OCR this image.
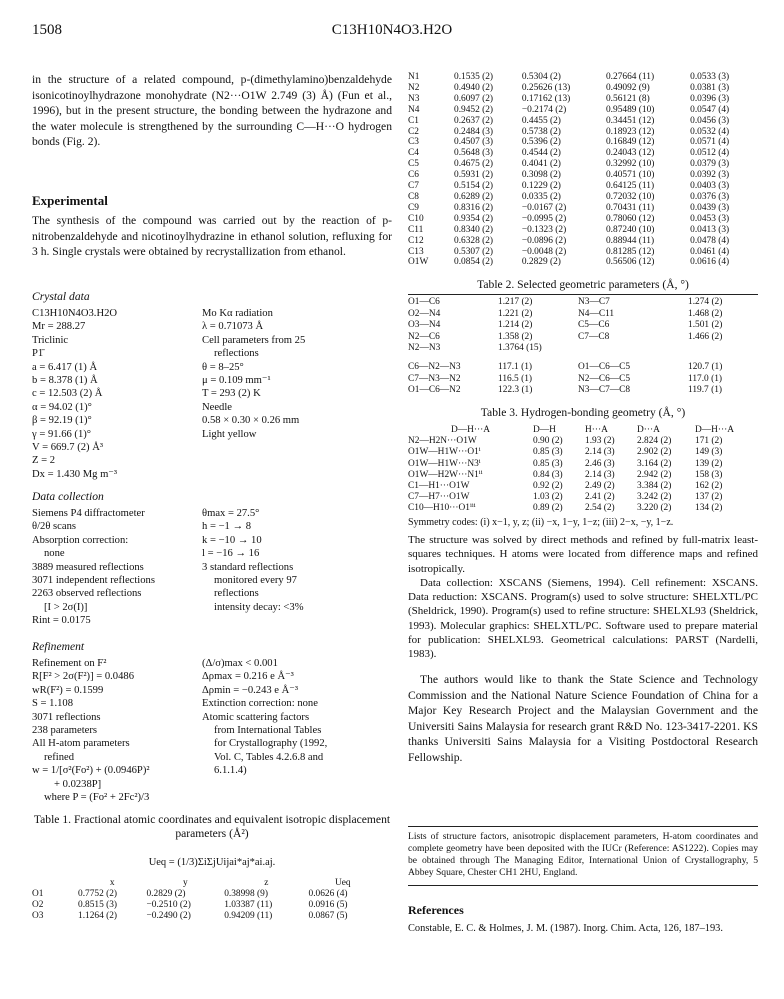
1508	C13H10N4O3.H2O
in the structure of a related compound, p-(dimethylamino)benzaldehyde isonicotinoylhydrazone monohydrate (N2···O1W 2.749 (3) Å) (Fun et al., 1996), but in the present structure, the bonding between the hydrazone and the water molecule is strengthened by the surrounding C—H···O hydrogen bonds (Fig. 2).
Experimental
The synthesis of the compound was carried out by the reaction of p-nitrobenzaldehyde and nicotinoylhydrazine in ethanol solution, refluxing for 3 h. Single crystals were obtained by recrystallization from ethanol.
Crystal data
C13H10N4O3.H2O
Mr = 288.27
Triclinic
P1̄
a = 6.417 (1) Å
b = 8.378 (1) Å
c = 12.503 (2) Å
α = 94.02 (1)°
β = 92.19 (1)°
γ = 91.66 (1)°
V = 669.7 (2) Å³
Z = 2
Dx = 1.430 Mg m⁻³
Mo Kα radiation
λ = 0.71073 Å
Cell parameters from 25
reflections
θ = 8–25°
μ = 0.109 mm⁻¹
T = 293 (2) K
Needle
0.58 × 0.30 × 0.26 mm
Light yellow
Data collection
Siemens P4 diffractometer
θ/2θ scans
Absorption correction:
none
3889 measured reflections
3071 independent reflections
2263 observed reflections
[I > 2σ(I)]
Rint = 0.0175
θmax = 27.5°
h = −1 → 8
k = −10 → 10
l = −16 → 16
3 standard reflections
monitored every 97
reflections
intensity decay: <3%
Refinement
Refinement on F²
R[F² > 2σ(F²)] = 0.0486
wR(F²) = 0.1599
S = 1.108
3071 reflections
238 parameters
All H-atom parameters
refined
w = 1/[σ²(Fo²) + (0.0946P)²
+ 0.0238P]
where P = (Fo² + 2Fc²)/3
(Δ/σ)max < 0.001
Δρmax = 0.216 e Å⁻³
Δρmin = −0.243 e Å⁻³
Extinction correction: none
Atomic scattering factors
from International Tables
for Crystallography (1992,
Vol. C, Tables 4.2.6.8 and
6.1.1.4)
Table 1. Fractional atomic coordinates and equivalent isotropic displacement parameters (Å²)
Ueq = (1/3)ΣiΣjUijai*aj*ai.aj.
	x	y	z	Ueq
O1	0.7752 (2)	0.2829 (2)	0.38998 (9)	0.0626 (4)
O2	0.8515 (3)	−0.2510 (2)	1.03387 (11)	0.0916 (5)
O3	1.1264 (2)	−0.2490 (2)	0.94209 (11)	0.0867 (5)
N1	0.1535 (2)	0.5304 (2)	0.27664 (11)	0.0533 (3)
N2	0.4940 (2)	0.25626 (13)	0.49092 (9)	0.0381 (3)
N3	0.6097 (2)	0.17162 (13)	0.56121 (8)	0.0396 (3)
N4	0.9452 (2)	−0.2174 (2)	0.95489 (10)	0.0547 (4)
C1	0.2637 (2)	0.4455 (2)	0.34451 (12)	0.0456 (3)
C2	0.2484 (3)	0.5738 (2)	0.18923 (12)	0.0532 (4)
C3	0.4507 (3)	0.5396 (2)	0.16849 (12)	0.0571 (4)
C4	0.5648 (3)	0.4544 (2)	0.24043 (12)	0.0512 (4)
C5	0.4675 (2)	0.4041 (2)	0.32992 (10)	0.0379 (3)
C6	0.5931 (2)	0.3098 (2)	0.40571 (10)	0.0392 (3)
C7	0.5154 (2)	0.1229 (2)	0.64125 (11)	0.0403 (3)
C8	0.6289 (2)	0.0335 (2)	0.72032 (10)	0.0376 (3)
C9	0.8316 (2)	−0.0167 (2)	0.70431 (11)	0.0439 (3)
C10	0.9354 (2)	−0.0995 (2)	0.78060 (12)	0.0453 (3)
C11	0.8340 (2)	−0.1323 (2)	0.87240 (10)	0.0413 (3)
C12	0.6328 (2)	−0.0896 (2)	0.88944 (11)	0.0478 (4)
C13	0.5307 (2)	−0.0048 (2)	0.81285 (12)	0.0461 (4)
O1W	0.0854 (2)	0.2829 (2)	0.56506 (12)	0.0616 (4)
Table 2. Selected geometric parameters (Å, °)
O1—C6	1.217 (2)	N3—C7	1.274 (2)
O2—N4	1.221 (2)	N4—C11	1.468 (2)
O3—N4	1.214 (2)	C5—C6	1.501 (2)
N2—C6	1.358 (2)	C7—C8	1.466 (2)
N2—N3	1.3764 (15)		
C6—N2—N3	117.1 (1)	O1—C6—C5	120.7 (1)
C7—N3—N2	116.5 (1)	N2—C6—C5	117.0 (1)
O1—C6—N2	122.3 (1)	N3—C7—C8	119.7 (1)
Table 3. Hydrogen-bonding geometry (Å, °)
D—H···A	D—H	H···A	D···A	D—H···A
N2—H2N···O1W	0.90 (2)	1.93 (2)	2.824 (2)	171 (2)
O1W—H1W···O1ⁱ	0.85 (3)	2.14 (3)	2.902 (2)	149 (3)
O1W—H1W···N3ⁱ	0.85 (3)	2.46 (3)	3.164 (2)	139 (2)
O1W—H2W···N1ⁱⁱ	0.84 (3)	2.14 (3)	2.942 (2)	158 (3)
C1—H1···O1W	0.92 (2)	2.49 (2)	3.384 (2)	162 (2)
C7—H7···O1W	1.03 (2)	2.41 (2)	3.242 (2)	137 (2)
C10—H10···O1ⁱⁱⁱ	0.89 (2)	2.54 (2)	3.220 (2)	134 (2)
Symmetry codes: (i) x−1, y, z; (ii) −x, 1−y, 1−z; (iii) 2−x, −y, 1−z.

The structure was solved by direct methods and refined by full-matrix least-squares techniques. H atoms were located from difference maps and refined isotropically.

Data collection: XSCANS (Siemens, 1994). Cell refinement: XSCANS. Data reduction: XSCANS. Program(s) used to solve structure: SHELXTL/PC (Sheldrick, 1990). Program(s) used to refine structure: SHELXL93 (Sheldrick, 1993). Molecular graphics: SHELXTL/PC. Software used to prepare material for publication: SHELXL93. Geometrical calculations: PARST (Nardelli, 1983).

The authors would like to thank the State Science and Technology Commission and the National Nature Science Foundation of China for a Major Key Research Project and the Malaysian Government and the Universiti Sains Malaysia for research grant R&D No. 123-3417-2201. KS thanks Universiti Sains Malaysia for a Visiting Postdoctoral Research Fellowship.
Lists of structure factors, anisotropic displacement parameters, H-atom coordinates and complete geometry have been deposited with the IUCr (Reference: AS1222). Copies may be obtained through The Managing Editor, International Union of Crystallography, 5 Abbey Square, Chester CH1 2HU, England.
References
Constable, E. C. & Holmes, J. M. (1987). Inorg. Chim. Acta, 126, 187–193.
